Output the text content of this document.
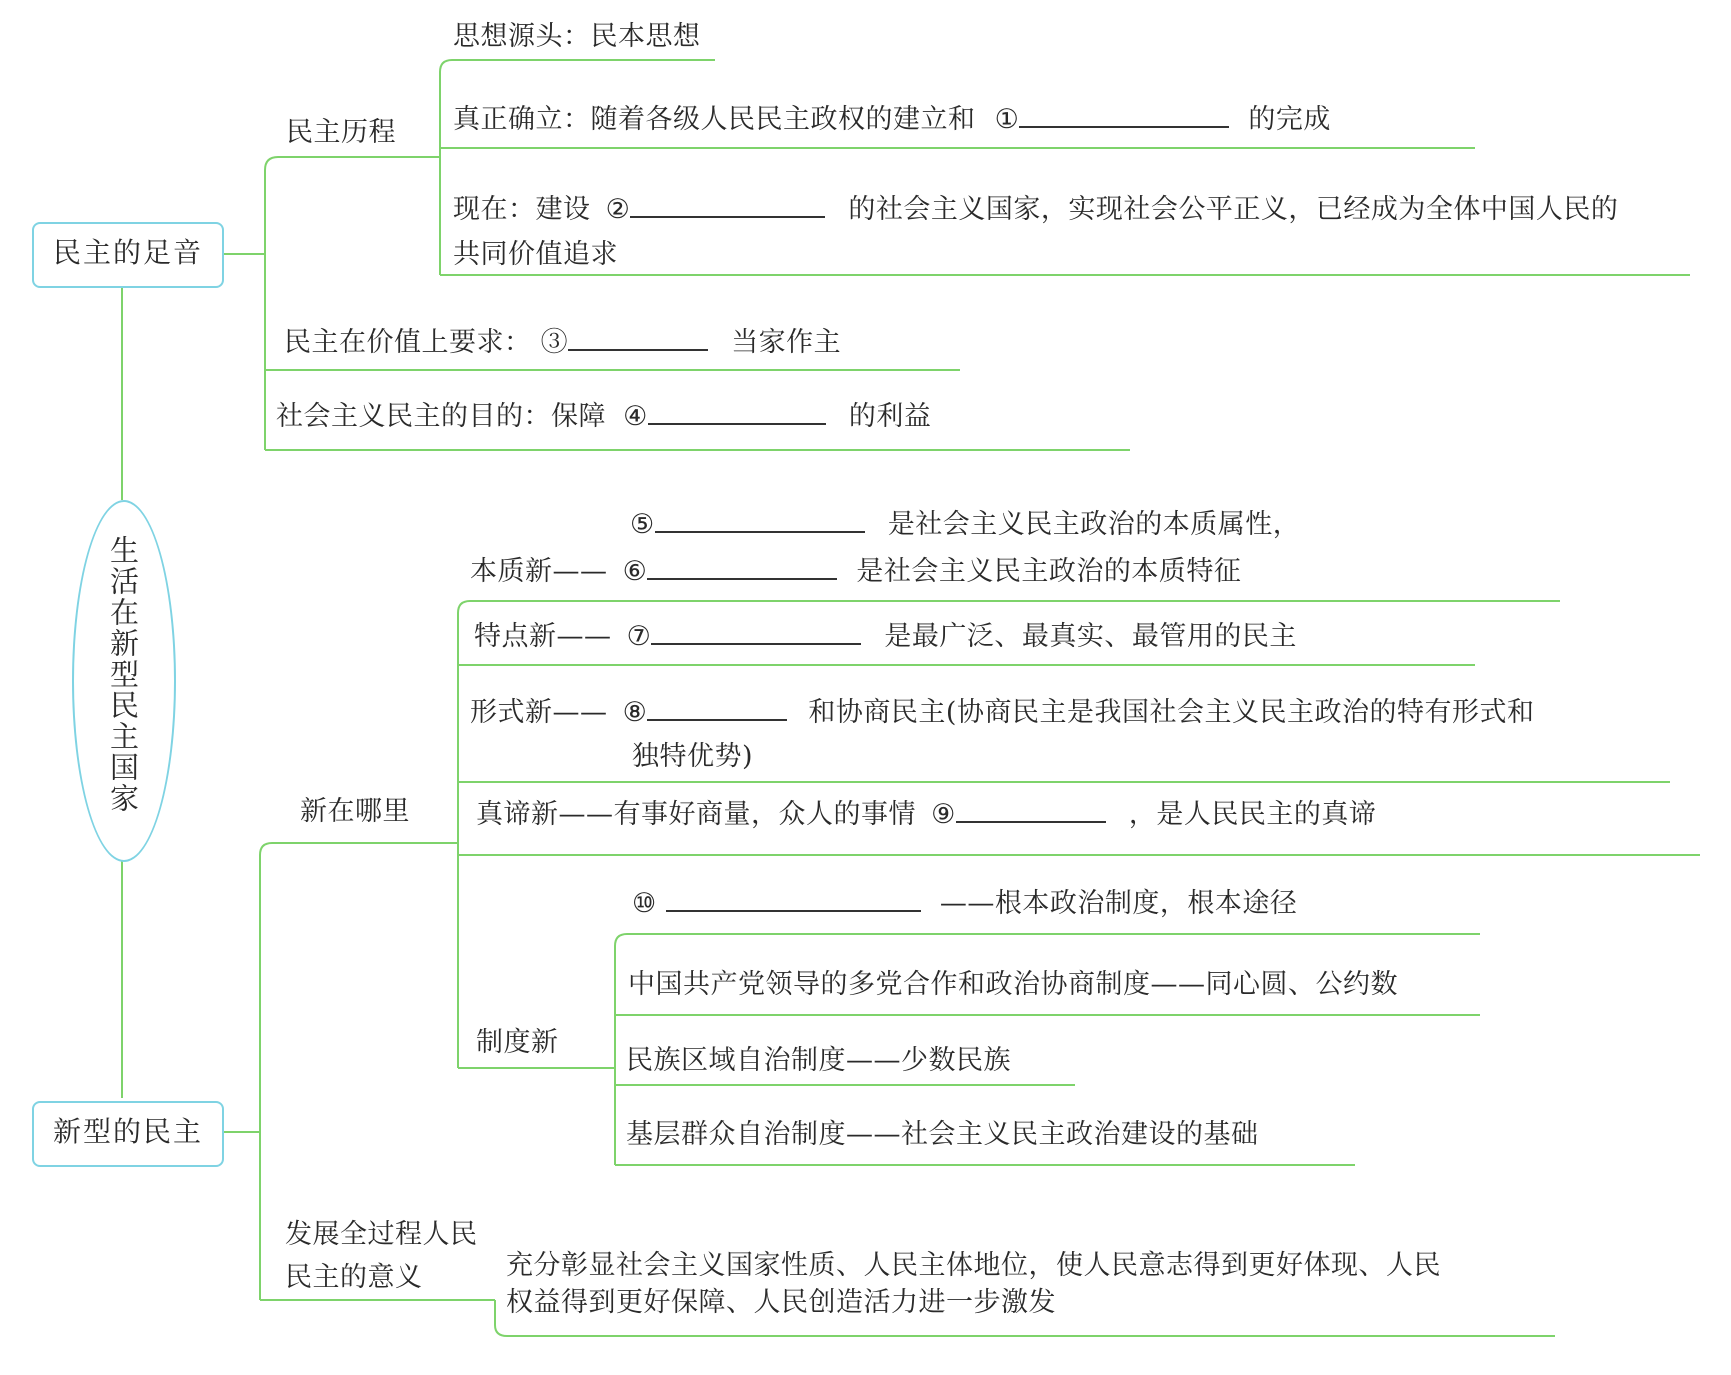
生活在新型民主国家
民主的足音
新型的民主
民主历程
思想源头：民本思想
真正确立：随着各级人民民主政权的建立和 ①	的完成
现在：建设 ②	的社会主义国家，实现社会公平正义，已经成为全体中国人民的
共同价值追求
民主在价值上要求： ③	当家作主
社会主义民主的目的：保障 ④	的利益
新在哪里
⑤	是社会主义民主政治的本质属性，
本质新—— ⑥	是社会主义民主政治的本质特征
特点新—— ⑦	是最广泛、最真实、最管用的民主
形式新—— ⑧	和协商民主(协商民主是我国社会主义民主政治的特有形式和
独特优势)
真谛新——有事好商量，众人的事情 ⑨	，是人民民主的真谛
制度新
⑩	——根本政治制度，根本途径
中国共产党领导的多党合作和政治协商制度——同心圆、公约数
民族区域自治制度——少数民族
基层群众自治制度——社会主义民主政治建设的基础
发展全过程人民
民主的意义	充分彰显社会主义国家性质、人民主体地位，使人民意志得到更好体现、人民
权益得到更好保障、人民创造活力进一步激发
